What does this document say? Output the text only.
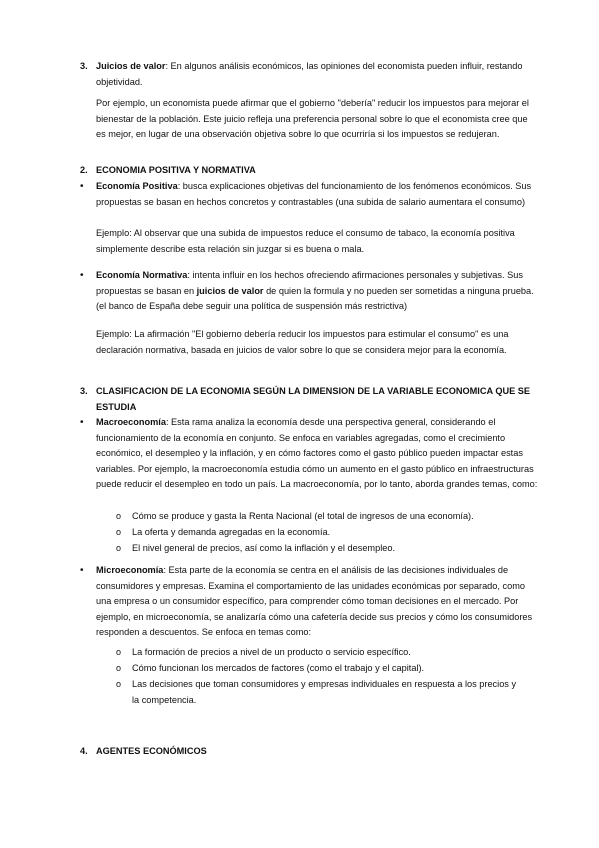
3. Juicios de valor: En algunos análisis económicos, las opiniones del economista pueden influir, restando objetividad.
Por ejemplo, un economista puede afirmar que el gobierno "debería" reducir los impuestos para mejorar el bienestar de la población. Este juicio refleja una preferencia personal sobre lo que el economista cree que es mejor, en lugar de una observación objetiva sobre lo que ocurriría si los impuestos se redujeran.
2. ECONOMIA POSITIVA Y NORMATIVA
• Economía Positiva: busca explicaciones objetivas del funcionamiento de los fenómenos económicos. Sus propuestas se basan en hechos concretos y contrastables (una subida de salario aumentara el consumo)
Ejemplo: Al observar que una subida de impuestos reduce el consumo de tabaco, la economía positiva simplemente describe esta relación sin juzgar si es buena o mala.
• Economía Normativa: intenta influir en los hechos ofreciendo afirmaciones personales y subjetivas. Sus propuestas se basan en juicios de valor de quien la formula y no pueden ser sometidas a ninguna prueba. (el banco de España debe seguir una política de suspensión más restrictiva)
Ejemplo: La afirmación "El gobierno debería reducir los impuestos para estimular el consumo" es una declaración normativa, basada en juicios de valor sobre lo que se considera mejor para la economía.
3. CLASIFICACION DE LA ECONOMIA SEGÚN LA DIMENSION DE LA VARIABLE ECONOMICA QUE SE ESTUDIA
• Macroeconomía: Esta rama analiza la economía desde una perspectiva general, considerando el funcionamiento de la economía en conjunto. Se enfoca en variables agregadas, como el crecimiento económico, el desempleo y la inflación, y en cómo factores como el gasto público pueden impactar estas variables. Por ejemplo, la macroeconomía estudia cómo un aumento en el gasto público en infraestructuras puede reducir el desempleo en todo un país. La macroeconomía, por lo tanto, aborda grandes temas, como:
o Cómo se produce y gasta la Renta Nacional (el total de ingresos de una economía).
o La oferta y demanda agregadas en la economía.
o El nivel general de precios, así como la inflación y el desempleo.
• Microeconomía: Esta parte de la economía se centra en el análisis de las decisiones individuales de consumidores y empresas. Examina el comportamiento de las unidades económicas por separado, como una empresa o un consumidor específico, para comprender cómo toman decisiones en el mercado. Por ejemplo, en microeconomía, se analizaría cómo una cafetería decide sus precios y cómo los consumidores responden a descuentos. Se enfoca en temas como:
o La formación de precios a nivel de un producto o servicio específico.
o Cómo funcionan los mercados de factores (como el trabajo y el capital).
o Las decisiones que toman consumidores y empresas individuales en respuesta a los precios y la competencia.
4. AGENTES ECONÓMICOS
